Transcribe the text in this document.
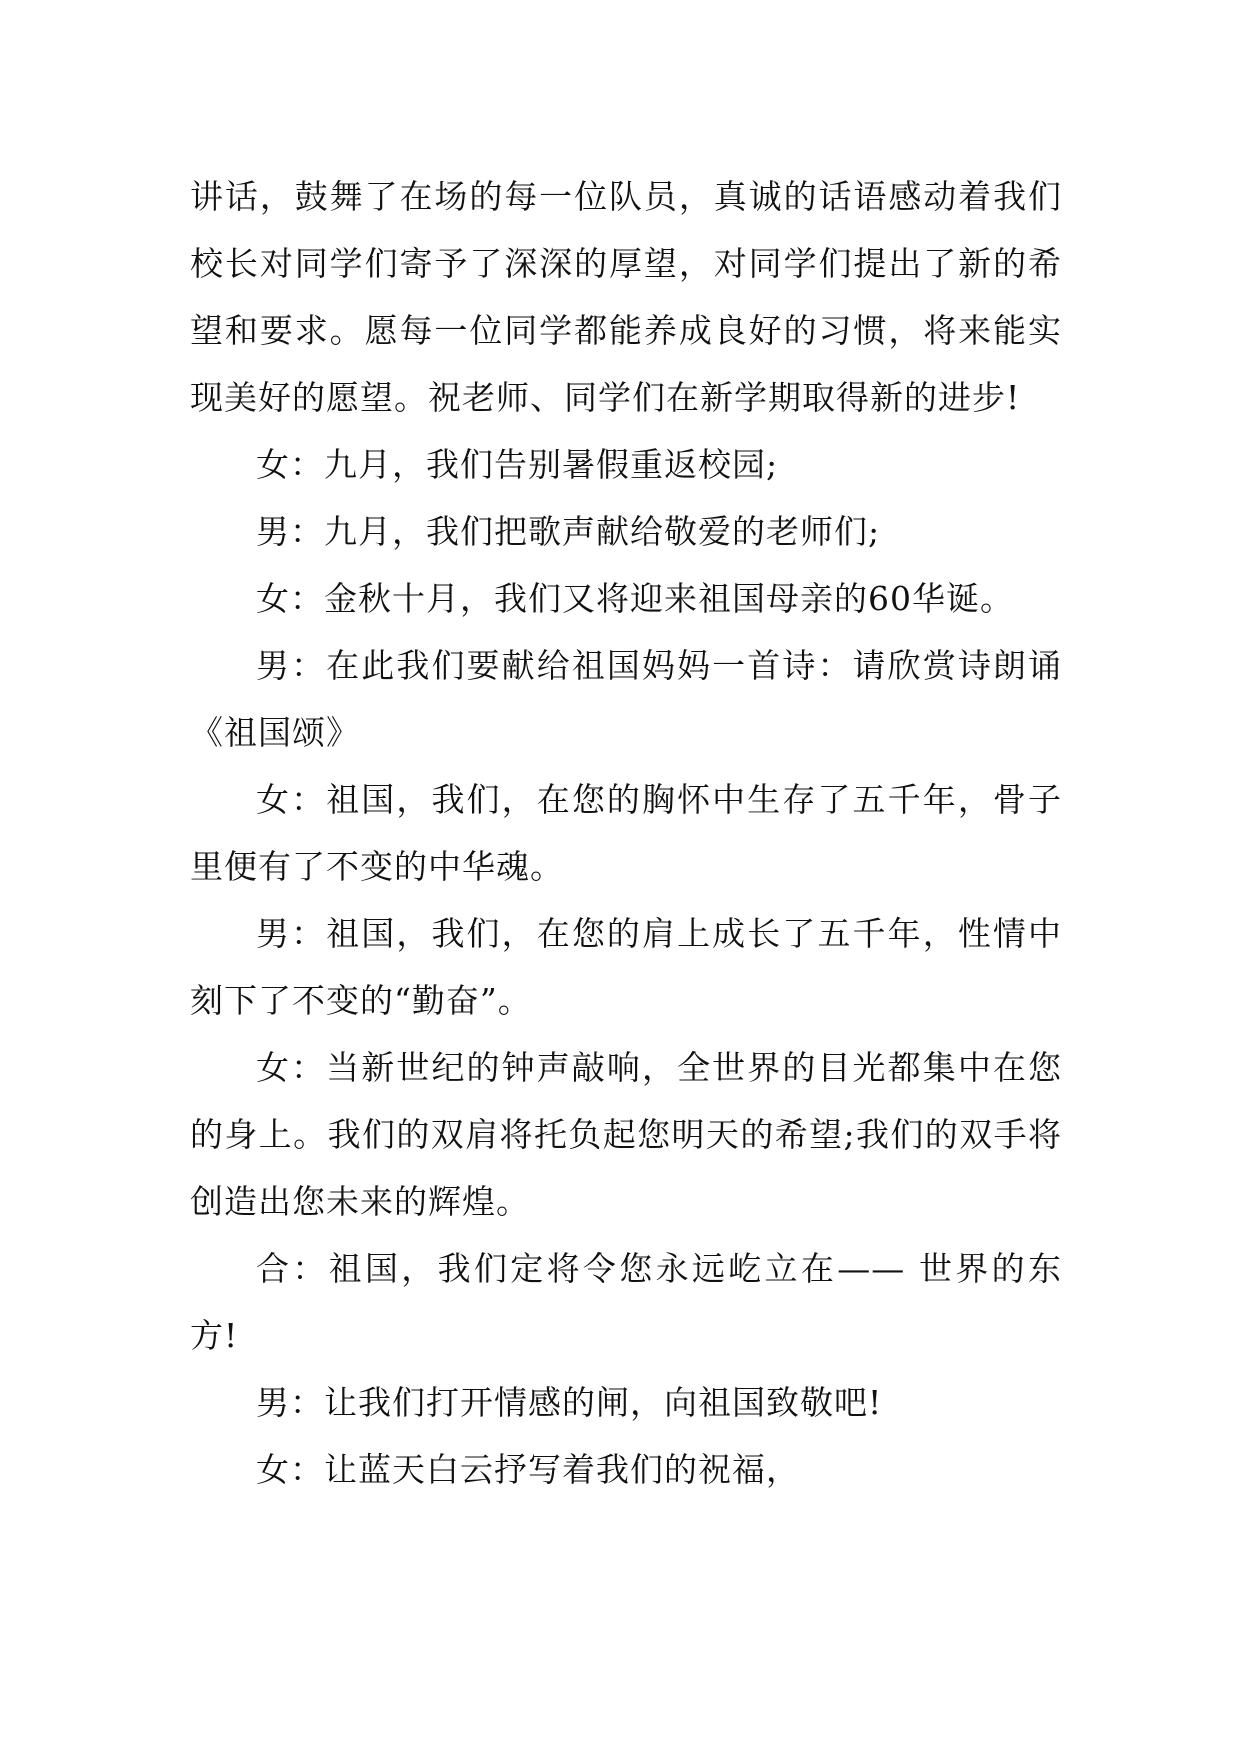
讲话，鼓舞了在场的每一位队员，真诚的话语感动着我们校长对同学们寄予了深深的厚望，对同学们提出了新的希望和要求。愿每一位同学都能养成良好的习惯，将来能实现美好的愿望。祝老师、同学们在新学期取得新的进步!

女：九月，我们告别暑假重返校园;

男：九月，我们把歌声献给敬爱的老师们;

女：金秋十月，我们又将迎来祖国母亲的60华诞。

男：在此我们要献给祖国妈妈一首诗：请欣赏诗朗诵《祖国颂》

女：祖国，我们，在您的胸怀中生存了五千年，骨子里便有了不变的中华魂。

男：祖国，我们，在您的肩上成长了五千年，性情中刻下了不变的“勤奋”。

女：当新世纪的钟声敲响，全世界的目光都集中在您的身上。我们的双肩将托负起您明天的希望;我们的双手将创造出您未来的辉煌。

合：祖国，我们定将令您永远屹立在—— 世界的东方!

男：让我们打开情感的闸，向祖国致敬吧!

女：让蓝天白云抒写着我们的祝福，
